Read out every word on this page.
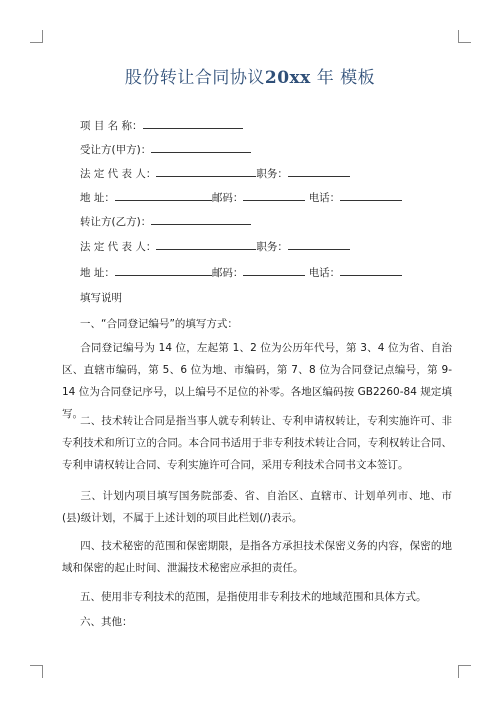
股份转让合同协议20xx 年 模板
项 目 名 称：
受让方(甲方)：
法 定 代 表 人：	职务：
地 址：	邮码：	电话：
转让方(乙方)：
法 定 代 表 人：	职务：
地 址：	邮码：	电话：
填写说明
一、“合同登记编号”的填写方式：
合同登记编号为 14 位，左起第 1、2 位为公历年代号，第 3、4 位为省、自治区、直辖市编码，第 5、6 位为地、市编码，第 7、8 位为合同登记点编号，第 9-14 位为合同登记序号，以上编号不足位的补零。各地区编码按 GB2260-84 规定填写。
二、技术转让合同是指当事人就专利转让、专利申请权转让，专利实施许可、非专利技术和所订立的合同。本合同书适用于非专利技术转让合同，专利权转让合同、专利申请权转让合同、专利实施许可合同，采用专利技术合同书文本签订。
三、计划内项目填写国务院部委、省、自治区、直辖市、计划单列市、地、市(县)级计划，不属于上述计划的项目此栏划(/)表示。
四、技术秘密的范围和保密期限，是指各方承担技术保密义务的内容，保密的地域和保密的起止时间、泄漏技术秘密应承担的责任。
五、使用非专利技术的范围，是指使用非专利技术的地域范围和具体方式。
六、其他：
